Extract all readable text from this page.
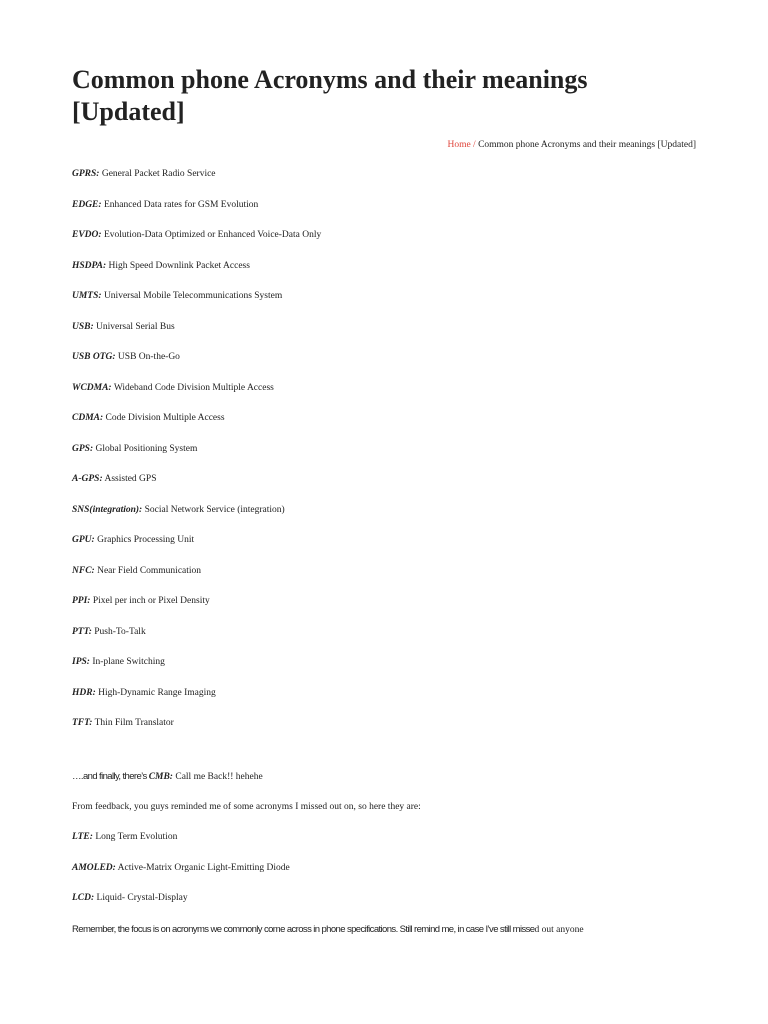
Common phone Acronyms and their meanings [Updated]
Home / Common phone Acronyms and their meanings [Updated]
GPRS: General Packet Radio Service
EDGE: Enhanced Data rates for GSM Evolution
EVDO: Evolution-Data Optimized or Enhanced Voice-Data Only
HSDPA: High Speed Downlink Packet Access
UMTS: Universal Mobile Telecommunications System
USB: Universal Serial Bus
USB OTG: USB On-the-Go
WCDMA: Wideband Code Division Multiple Access
CDMA: Code Division Multiple Access
GPS: Global Positioning System
A-GPS: Assisted GPS
SNS(integration): Social Network Service (integration)
GPU: Graphics Processing Unit
NFC: Near Field Communication
PPI: Pixel per inch or Pixel Density
PTT: Push-To-Talk
IPS: In-plane Switching
HDR: High-Dynamic Range Imaging
TFT: Thin Film Translator
….and finally, there’s CMB: Call me Back!! hehehe
From feedback, you guys reminded me of some acronyms I missed out on, so here they are:
LTE: Long Term Evolution
AMOLED: Active-Matrix Organic Light-Emitting Diode
LCD: Liquid- Crystal-Display
Remember, the focus is on acronyms we commonly come across in phone specifications. Still remind me, in case I’ve still missed out anyone
